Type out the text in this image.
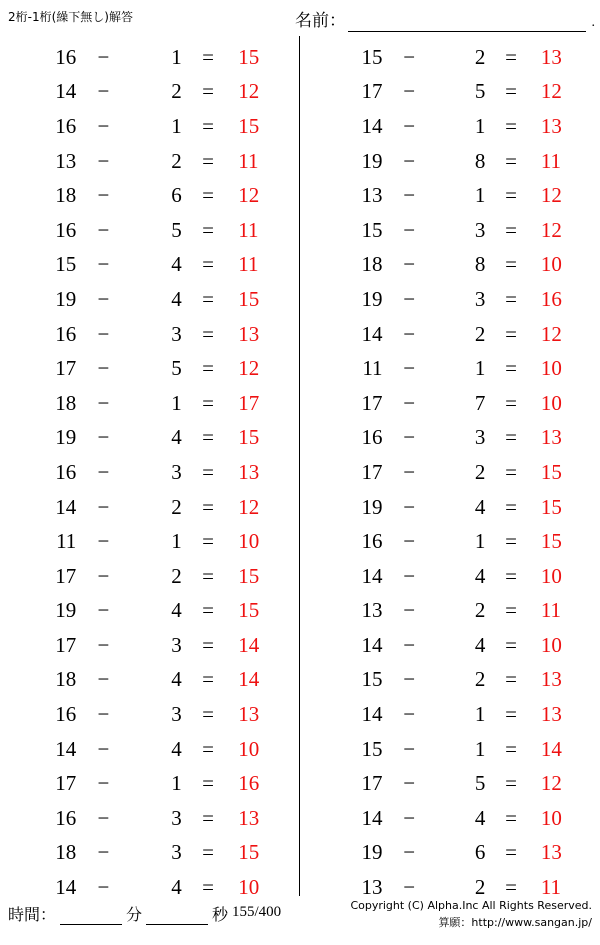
2桁-1桁(繰下無し)解答	名前 ：	.
16	−	1 =	15
14	−	2 =	12
16	−	1 =	15
13	−	2 =	11
18	−	6 =	12
16	−	5 =	11
15	−	4 =	11
19	−	4 =	15
16	−	3 =	13
17	−	5 =	12
18	−	1 =	17
19	−	4 =	15
16	−	3 =	13
14	−	2 =	12
11	−	1 =	10
17	−	2 =	15
19	−	4 =	15
17	−	3 =	14
18	−	4 =	14
16	−	3 =	13
14	−	4 =	10
17	−	1 =	16
16	−	3 =	13
18	−	3 =	15
14	−	4 =	10
15 −	2 =	13
17 −	5 =	12
14 −	1 =	13
19 −	8 =	11
13 −	1 =	12
15 −	3 =	12
18 −	8 =	10
19 −	3 =	16
14 −	2 =	12
11 −	1 =	10
17 −	7 =	10
16 −	3 =	13
17 −	2 =	15
19 −	4 =	15
16 −	1 =	15
14 −	4 =	10
13 −	2 =	11
14 −	4 =	10
15 −	2 =	13
14 −	1 =	13
15 −	1 =	14
17 −	5 =	12
14 −	4 =	10
19 −	6 =	13
13 −	2 =	11
時間：	分	秒 155/400	Copyright (C) Alpha.Inc All Rights Reserved.
算願：http://www.sangan.jp/
